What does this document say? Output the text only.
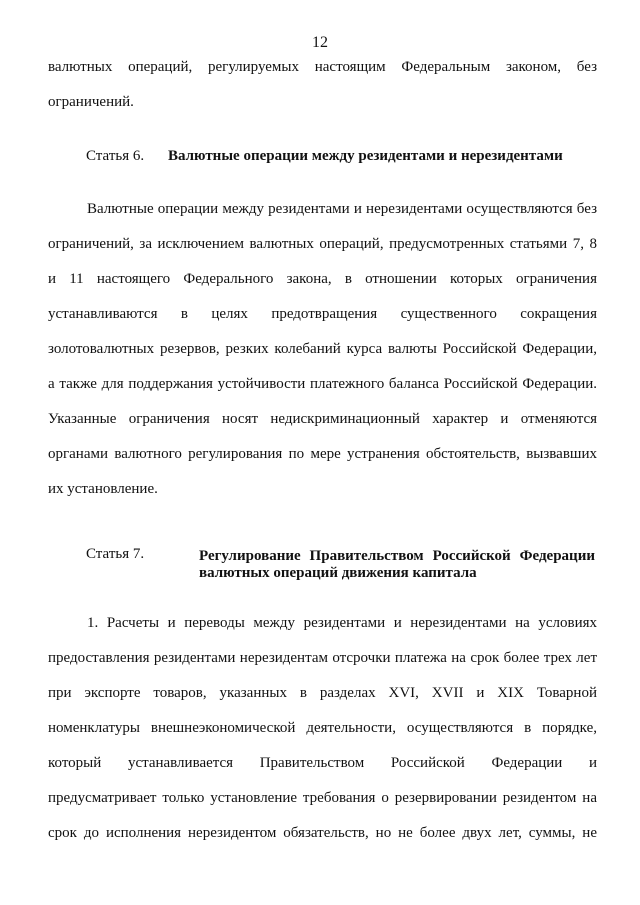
12
валютных операций, регулируемых настоящим Федеральным законом, без
ограничений.
Статья 6. Валютные операции между резидентами и нерезидентами
Валютные операции между резидентами и нерезидентами осуществляются без
ограничений, за исключением валютных операций, предусмотренных статьями 7, 8
и 11 настоящего Федерального закона, в отношении которых ограничения
устанавливаются в целях предотвращения существенного сокращения
золотовалютных резервов, резких колебаний курса валюты Российской Федерации,
а также для поддержания устойчивости платежного баланса Российской Федерации.
Указанные ограничения носят недискриминационный характер и отменяются
органами валютного регулирования по мере устранения обстоятельств, вызвавших
их установление.
Статья 7.	Регулирование Правительством Российской Федерации
валютных операций движения капитала
1. Расчеты и переводы между резидентами и нерезидентами на условиях
предоставления резидентами нерезидентам отсрочки платежа на срок более трех лет
при экспорте товаров, указанных в разделах XVI, XVII и XIX Товарной
номенклатуры внешнеэкономической деятельности, осуществляются в порядке,
который устанавливается Правительством Российской Федерации и
предусматривает только установление требования о резервировании резидентом на
срок до исполнения нерезидентом обязательств, но не более двух лет, суммы, не
